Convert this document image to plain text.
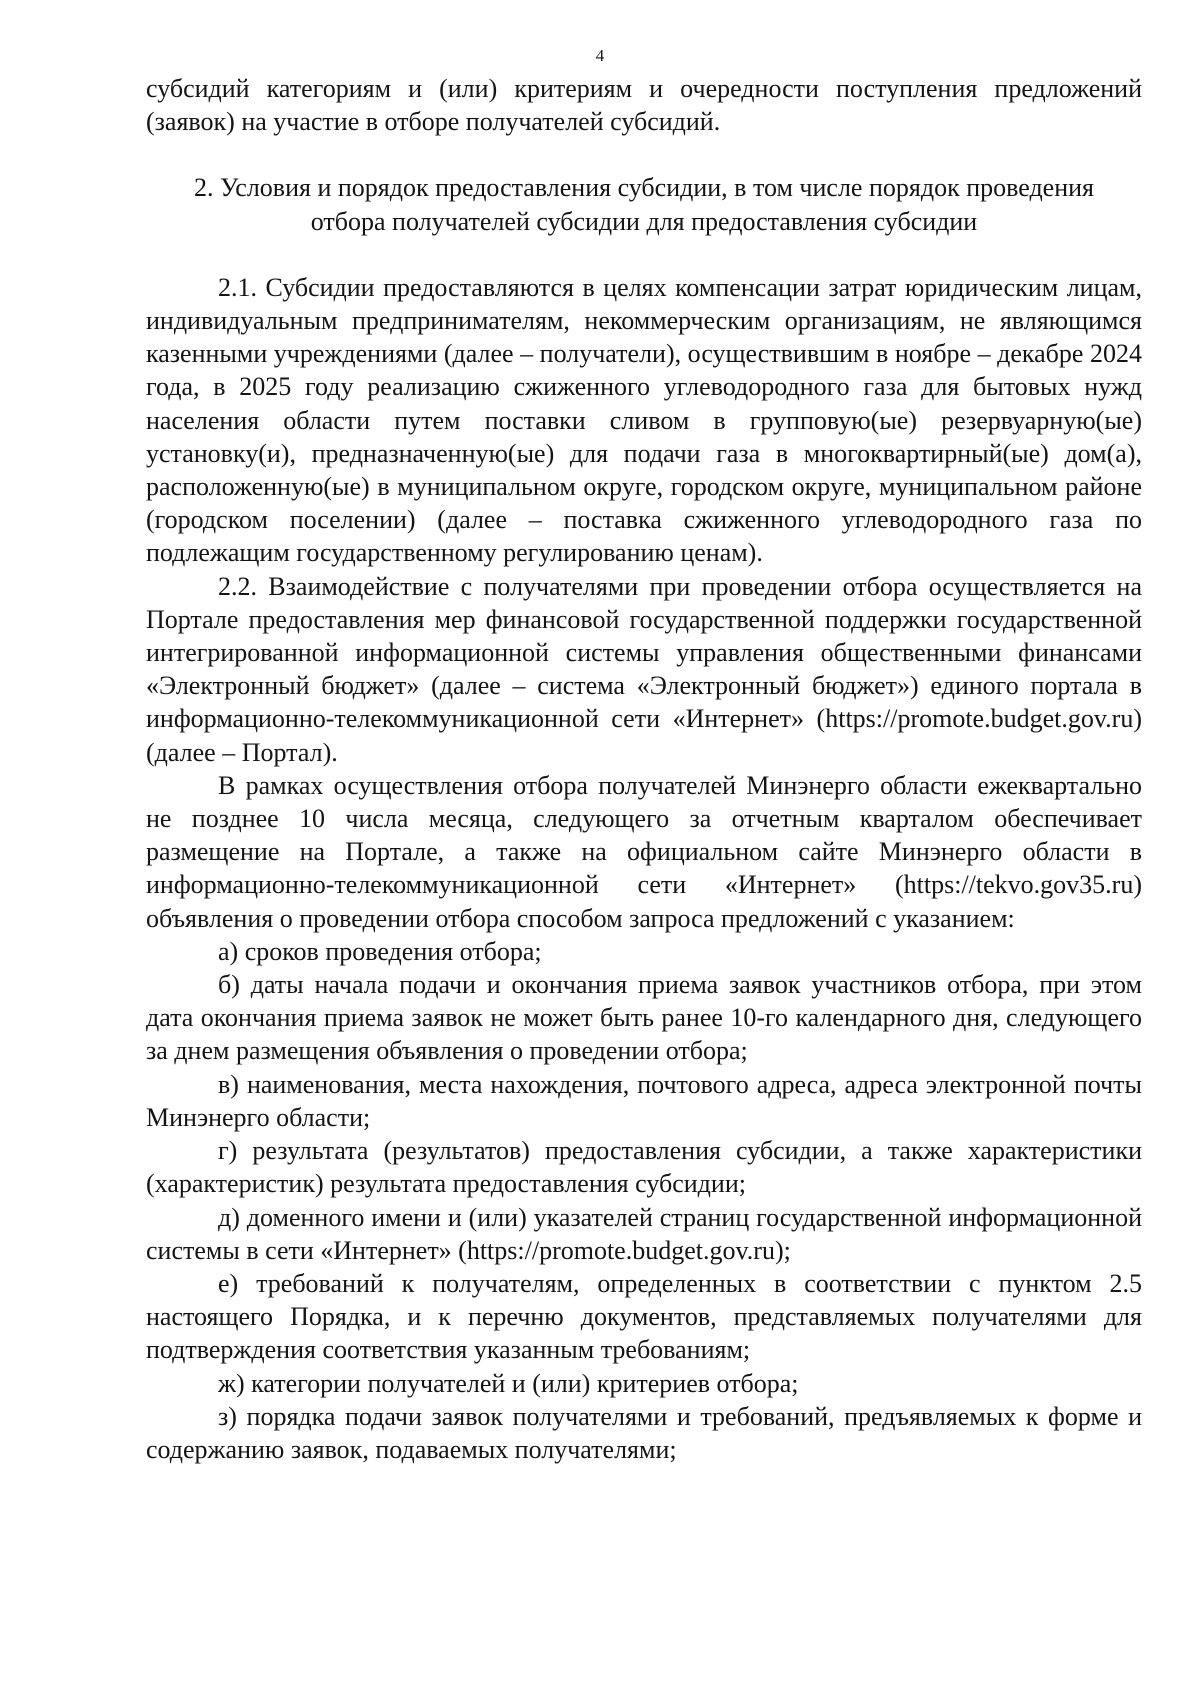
4

субсидий категориям и (или) критериям и очередности поступления предложений (заявок) на участие в отборе получателей субсидий.

2. Условия и порядок предоставления субсидии, в том числе порядок проведения
отбора получателей субсидии для предоставления субсидии

2.1. Субсидии предоставляются в целях компенсации затрат юридическим лицам, индивидуальным предпринимателям, некоммерческим организациям, не являющимся казенными учреждениями (далее – получатели), осуществившим в ноябре – декабре 2024 года, в 2025 году реализацию сжиженного углеводородного газа для бытовых нужд населения области путем поставки сливом в групповую(ые) резервуарную(ые) установку(и), предназначенную(ые) для подачи газа в многоквартирный(ые) дом(а), расположенную(ые) в муниципальном округе, городском округе, муниципальном районе (городском поселении) (далее – поставка сжиженного углеводородного газа по подлежащим государственному регулированию ценам).

2.2. Взаимодействие с получателями при проведении отбора осуществляется на Портале предоставления мер финансовой государственной поддержки государственной интегрированной информационной системы управления общественными финансами «Электронный бюджет» (далее – система «Электронный бюджет») единого портала в информационно-телекоммуникационной сети «Интернет» (https://promote.budget.gov.ru) (далее – Портал).

В рамках осуществления отбора получателей Минэнерго области ежеквартально не позднее 10 числа месяца, следующего за отчетным кварталом обеспечивает размещение на Портале, а также на официальном сайте Минэнерго области в информационно-телекоммуникационной сети «Интернет» (https://tekvo.gov35.ru) объявления о проведении отбора способом запроса предложений с указанием:

а) сроков проведения отбора;

б) даты начала подачи и окончания приема заявок участников отбора, при этом дата окончания приема заявок не может быть ранее 10-го календарного дня, следующего за днем размещения объявления о проведении отбора;

в) наименования, места нахождения, почтового адреса, адреса электронной почты Минэнерго области;

г) результата (результатов) предоставления субсидии, а также характеристики (характеристик) результата предоставления субсидии;

д) доменного имени и (или) указателей страниц государственной информационной системы в сети «Интернет» (https://promote.budget.gov.ru);

е) требований к получателям, определенных в соответствии с пунктом 2.5 настоящего Порядка, и к перечню документов, представляемых получателями для подтверждения соответствия указанным требованиям;

ж) категории получателей и (или) критериев отбора;

з) порядка подачи заявок получателями и требований, предъявляемых к форме и содержанию заявок, подаваемых получателями;
